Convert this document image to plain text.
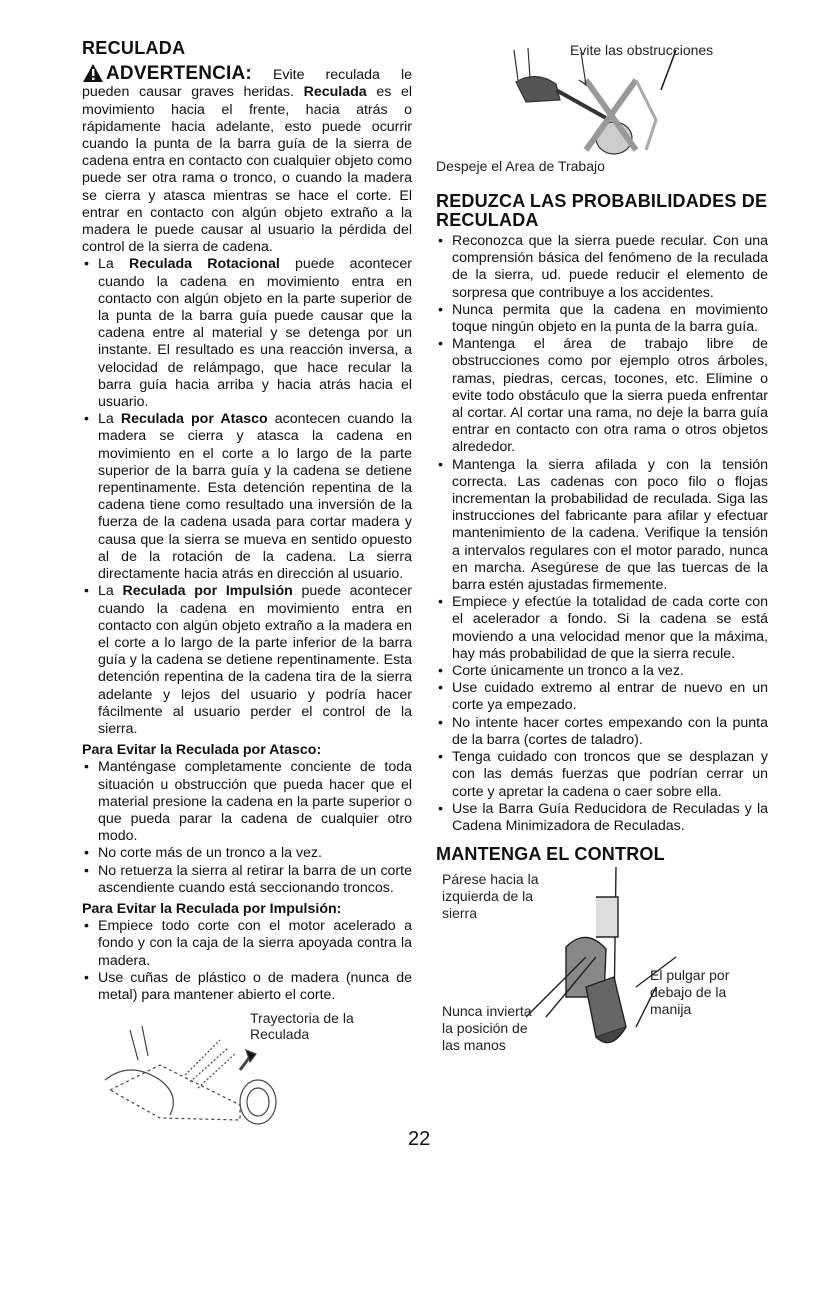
RECULADA

ADVERTENCIA: Evite reculada le pueden causar graves heridas. Reculada es el movimiento hacia el frente, hacia atrás o rápidamente hacia adelante, esto puede ocurrir cuando la punta de la barra guía de la sierra de cadena entra en contacto con cualquier objeto como puede ser otra rama o tronco, o cuando la madera se cierra y atasca mientras se hace el corte. El entrar en contacto con algún objeto extraño a la madera le puede causar al usuario la pérdida del control de la sierra de cadena.

• La Reculada Rotacional puede acontecer cuando la cadena en movimiento entra en contacto con algún objeto en la parte superior de la punta de la barra guía puede causar que la cadena entre al material y se detenga por un instante. El resultado es una reacción inversa, a velocidad de relámpago, que hace recular la barra guía hacia arriba y hacia atrás hacia el usuario.
• La Reculada por Atasco acontecen cuando la madera se cierra y atasca la cadena en movimiento en el corte a lo largo de la parte superior de la barra guía y la cadena se detiene repentinamente. Esta detención repentina de la cadena tiene como resultado una inversión de la fuerza de la cadena usada para cortar madera y causa que la sierra se mueva en sentido opuesto al de la rotación de la cadena. La sierra directamente hacia atrás en dirección al usuario.
• La Reculada por Impulsión puede acontecer cuando la cadena en movimiento entra en contacto con algún objeto extraño a la madera en el corte a lo largo de la parte inferior de la barra guía y la cadena se detiene repentinamente. Esta detención repentina de la cadena tira de la sierra adelante y lejos del usuario y podría hacer fácilmente al usuario perder el control de la sierra.

Para Evitar la Reculada por Atasco:

• Manténgase completamente conciente de toda situación u obstrucción que pueda hacer que el material presione la cadena en la parte superior o que pueda parar la cadena de cualquier otro modo.
• No corte más de un tronco a la vez.
• No retuerza la sierra al retirar la barra de un corte ascendiente cuando está seccionando troncos.

Para Evitar la Reculada por Impulsión:

• Empiece todo corte con el motor acelerado a fondo y con la caja de la sierra apoyada contra la madera.
• Use cuñas de plástico o de madera (nunca de metal) para mantener abierto el corte.
Trayectoria de la
Reculada
Evite las obstrucciones
Despeje el Area de Trabajo
REDUZCA LAS PROBABILIDADES DE RECULADA
• Reconozca que la sierra puede recular. Con una comprensión básica del fenómeno de la reculada de la sierra, ud. puede reducir el elemento de sorpresa que contribuye a los accidentes.
• Nunca permita que la cadena en movimiento toque ningún objeto en la punta de la barra guía.
• Mantenga el área de trabajo libre de obstrucciones como por ejemplo otros árboles, ramas, piedras, cercas, tocones, etc. Elimine o evite todo obstáculo que la sierra pueda enfrentar al cortar. Al cortar una rama, no deje la barra guía entrar en contacto con otra rama o otros objetos alrededor.
• Mantenga la sierra afilada y con la tensión correcta. Las cadenas con poco filo o flojas incrementan la probabilidad de reculada. Siga las instrucciones del fabricante para afilar y efectuar mantenimiento de la cadena. Verifique la tensión a intervalos regulares con el motor parado, nunca en marcha. Asegúrese de que las tuercas de la barra estén ajustadas firmemente.
• Empiece y efectúe la totalidad de cada corte con el acelerador a fondo. Si la cadena se está moviendo a una velocidad menor que la máxima, hay más probabilidad de que la sierra recule.
• Corte únicamente un tronco a la vez.
• Use cuidado extremo al entrar de nuevo en un corte ya empezado.
• No intente hacer cortes empexando con la punta de la barra (cortes de taladro).
• Tenga cuidado con troncos que se desplazan y con las demás fuerzas que podrían cerrar un corte y apretar la cadena o caer sobre ella.
• Use la Barra Guía Reducidora de Reculadas y la Cadena Minimizadora de Reculadas.
MANTENGA EL CONTROL
Párese hacia la
izquierda de la
sierra
El pulgar por
debajo de la
manija
Nunca invierta
la posición de
las manos
22
